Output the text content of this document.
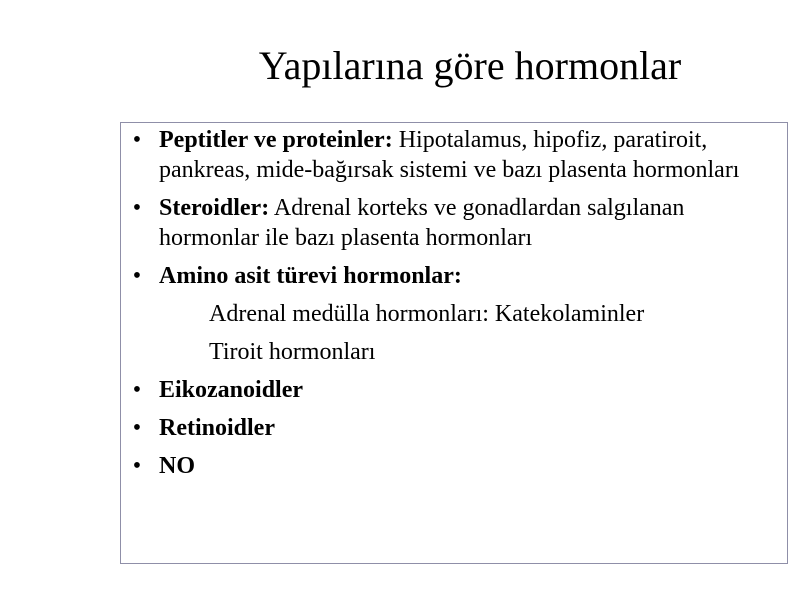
Yapılarına göre hormonlar
• Peptitler ve proteinler: Hipotalamus, hipofiz, paratiroit, pankreas, mide-bağırsak sistemi ve bazı plasenta hormonları
• Steroidler: Adrenal korteks ve gonadlardan salgılanan hormonlar ile bazı plasenta hormonları
• Amino asit türevi hormonlar:
Adrenal medülla hormonları: Katekolaminler
Tiroit hormonları
• Eikozanoidler
• Retinoidler
• NO
